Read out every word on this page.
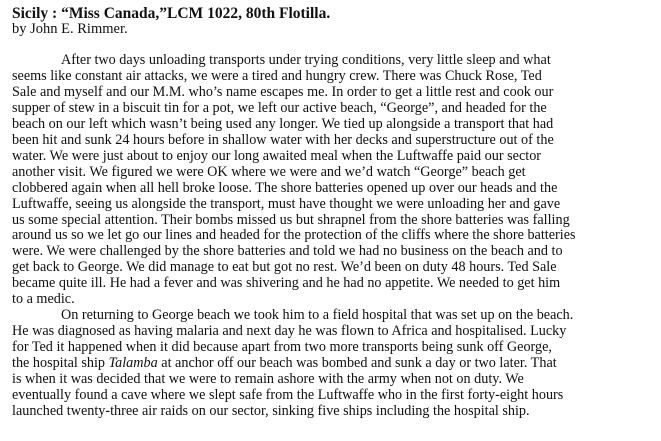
Sicily : “Miss Canada,”LCM 1022, 80th Flotilla.
by John E. Rimmer.
After two days unloading transports under trying conditions, very little sleep and what
seems like constant air attacks, we were a tired and hungry crew. There was Chuck Rose, Ted
Sale and myself and our M.M. who’s name escapes me. In order to get a little rest and cook our
supper of stew in a biscuit tin for a pot, we left our active beach, “George”, and headed for the
beach on our left which wasn’t being used any longer. We tied up alongside a transport that had
been hit and sunk 24 hours before in shallow water with her decks and superstructure out of the
water. We were just about to enjoy our long awaited meal when the Luftwaffe paid our sector
another visit. We figured we were OK where we were and we’d watch “George” beach get
clobbered again when all hell broke loose. The shore batteries opened up over our heads and the
Luftwaffe, seeing us alongside the transport, must have thought we were unloading her and gave
us some special attention. Their bombs missed us but shrapnel from the shore batteries was falling
around us so we let go our lines and headed for the protection of the cliffs where the shore batteries
were. We were challenged by the shore batteries and told we had no business on the beach and to
get back to George. We did manage to eat but got no rest. We’d been on duty 48 hours. Ted Sale
became quite ill. He had a fever and was shivering and he had no appetite. We needed to get him
to a medic.
On returning to George beach we took him to a field hospital that was set up on the beach.
He was diagnosed as having malaria and next day he was flown to Africa and hospitalised. Lucky
for Ted it happened when it did because apart from two more transports being sunk off George,
the hospital ship Talamba at anchor off our beach was bombed and sunk a day or two later. That
is when it was decided that we were to remain ashore with the army when not on duty. We
eventually found a cave where we slept safe from the Luftwaffe who in the first forty-eight hours
launched twenty-three air raids on our sector, sinking five ships including the hospital ship.
